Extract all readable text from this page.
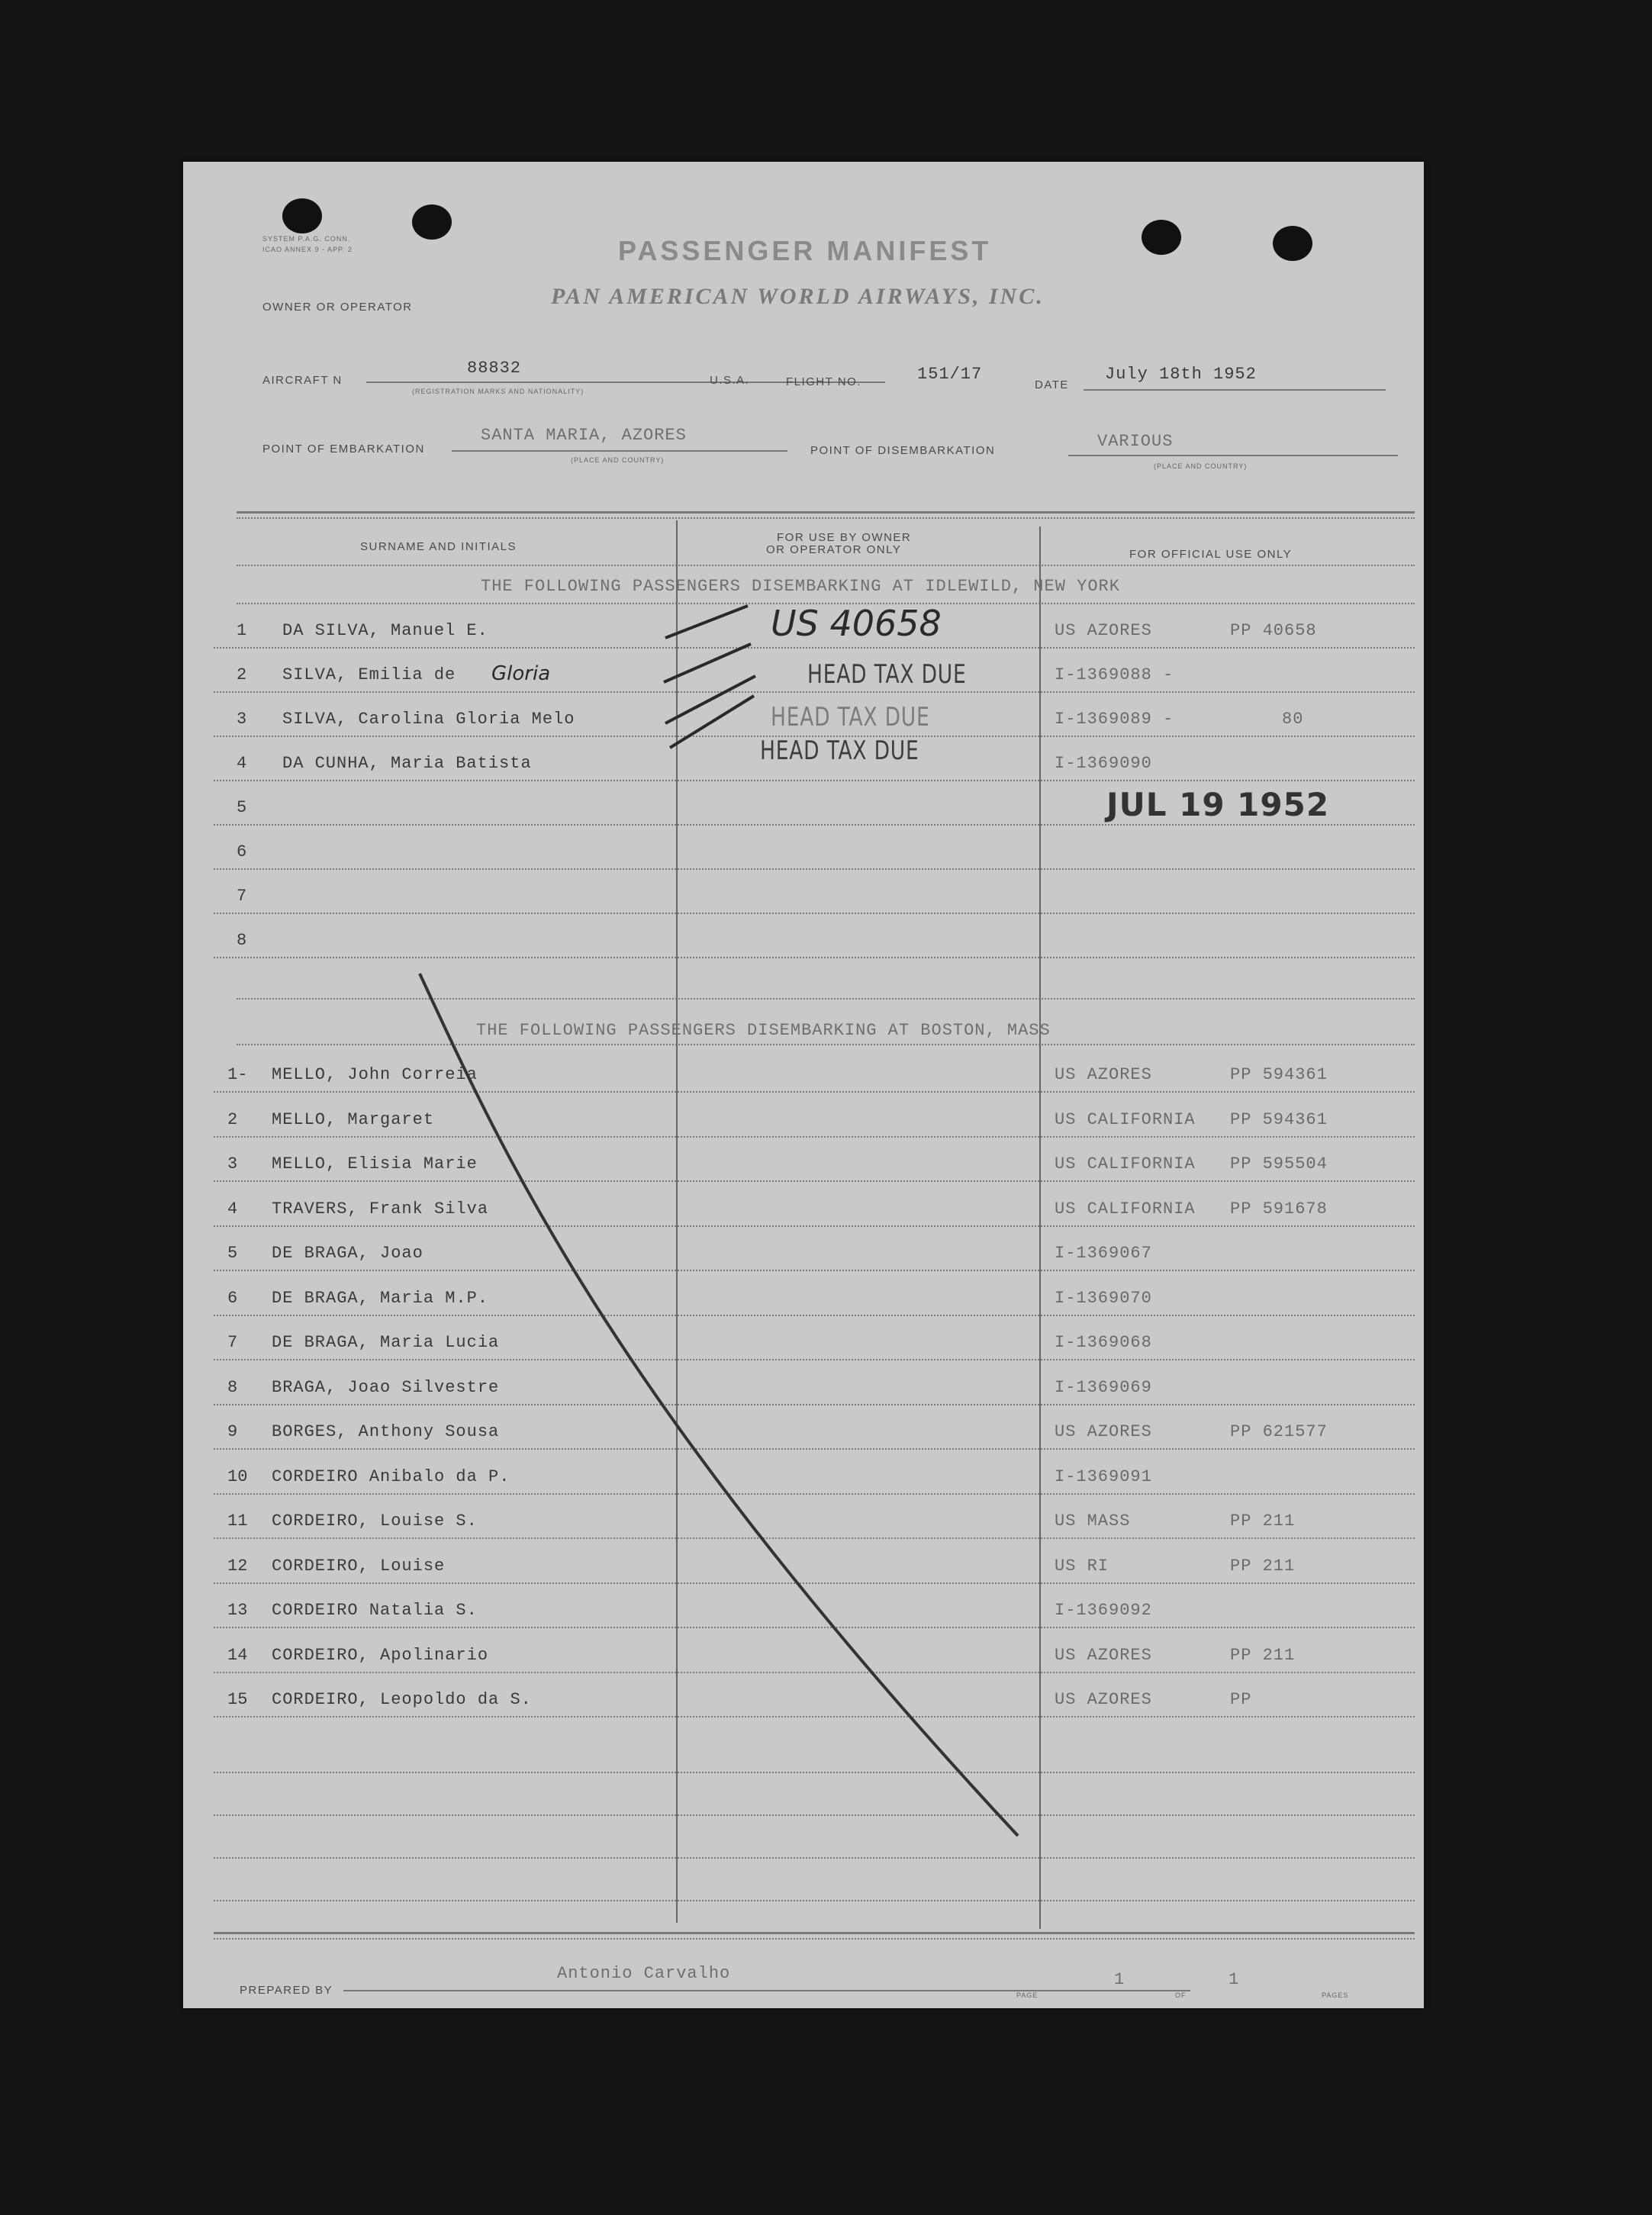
SYSTEM P.A.G. CONN.
ICAO ANNEX 9 - APP. 2	PASSENGER MANIFEST
OWNER OR OPERATOR	PAN AMERICAN WORLD AIRWAYS, INC.
AIRCRAFT N
88832
(REGISTRATION MARKS AND NATIONALITY)
U.S.A.	FLIGHT NO.	151/17
DATE
July 18th 1952
POINT OF EMBARKATION
SANTA MARIA, AZORES
(PLACE AND COUNTRY)
POINT OF DISEMBARKATION	VARIOUS
(PLACE AND COUNTRY)
SURNAME AND INITIALS
FOR USE BY OWNER
OR OPERATOR ONLY	FOR OFFICIAL USE ONLY
THE FOLLOWING PASSENGERS DISEMBARKING AT IDLEWILD, NEW YORK
1 DA SILVA, Manuel E.	US AZORES	PP 40658
2 SILVA, Emilia de	I-1369088 -
3 SILVA, Carolina Gloria Melo	I-1369089 -	80
4 DA CUNHA, Maria Batista	I-1369090
5
6
7
8
US 40658
Gloria	HEAD TAX DUE
HEAD TAX DUE
HEAD TAX DUE
JUL 19 1952
THE FOLLOWING PASSENGERS DISEMBARKING AT BOSTON, MASS
1- MELLO, John Correia	US AZORES	PP 594361
2 MELLO, Margaret	US CALIFORNIA PP 594361
3 MELLO, Elisia Marie	US CALIFORNIA PP 595504
4 TRAVERS, Frank Silva	US CALIFORNIA PP 591678
5 DE BRAGA, Joao	I-1369067
6 DE BRAGA, Maria M.P.	I-1369070
7 DE BRAGA, Maria Lucia	I-1369068
8 BRAGA, Joao Silvestre	I-1369069
9 BORGES, Anthony Sousa	US AZORES	PP 621577
10 CORDEIRO Anibalo da P.	I-1369091
11 CORDEIRO, Louise S.	US MASS	PP 211
12 CORDEIRO, Louise	US RI	PP 211
13 CORDEIRO Natalia S.	I-1369092
14 CORDEIRO, Apolinario	US AZORES	PP 211
15 CORDEIRO, Leopoldo da S.	US AZORES	PP
PREPARED BY
Antonio Carvalho
PAGE
1
OF
1
PAGES
